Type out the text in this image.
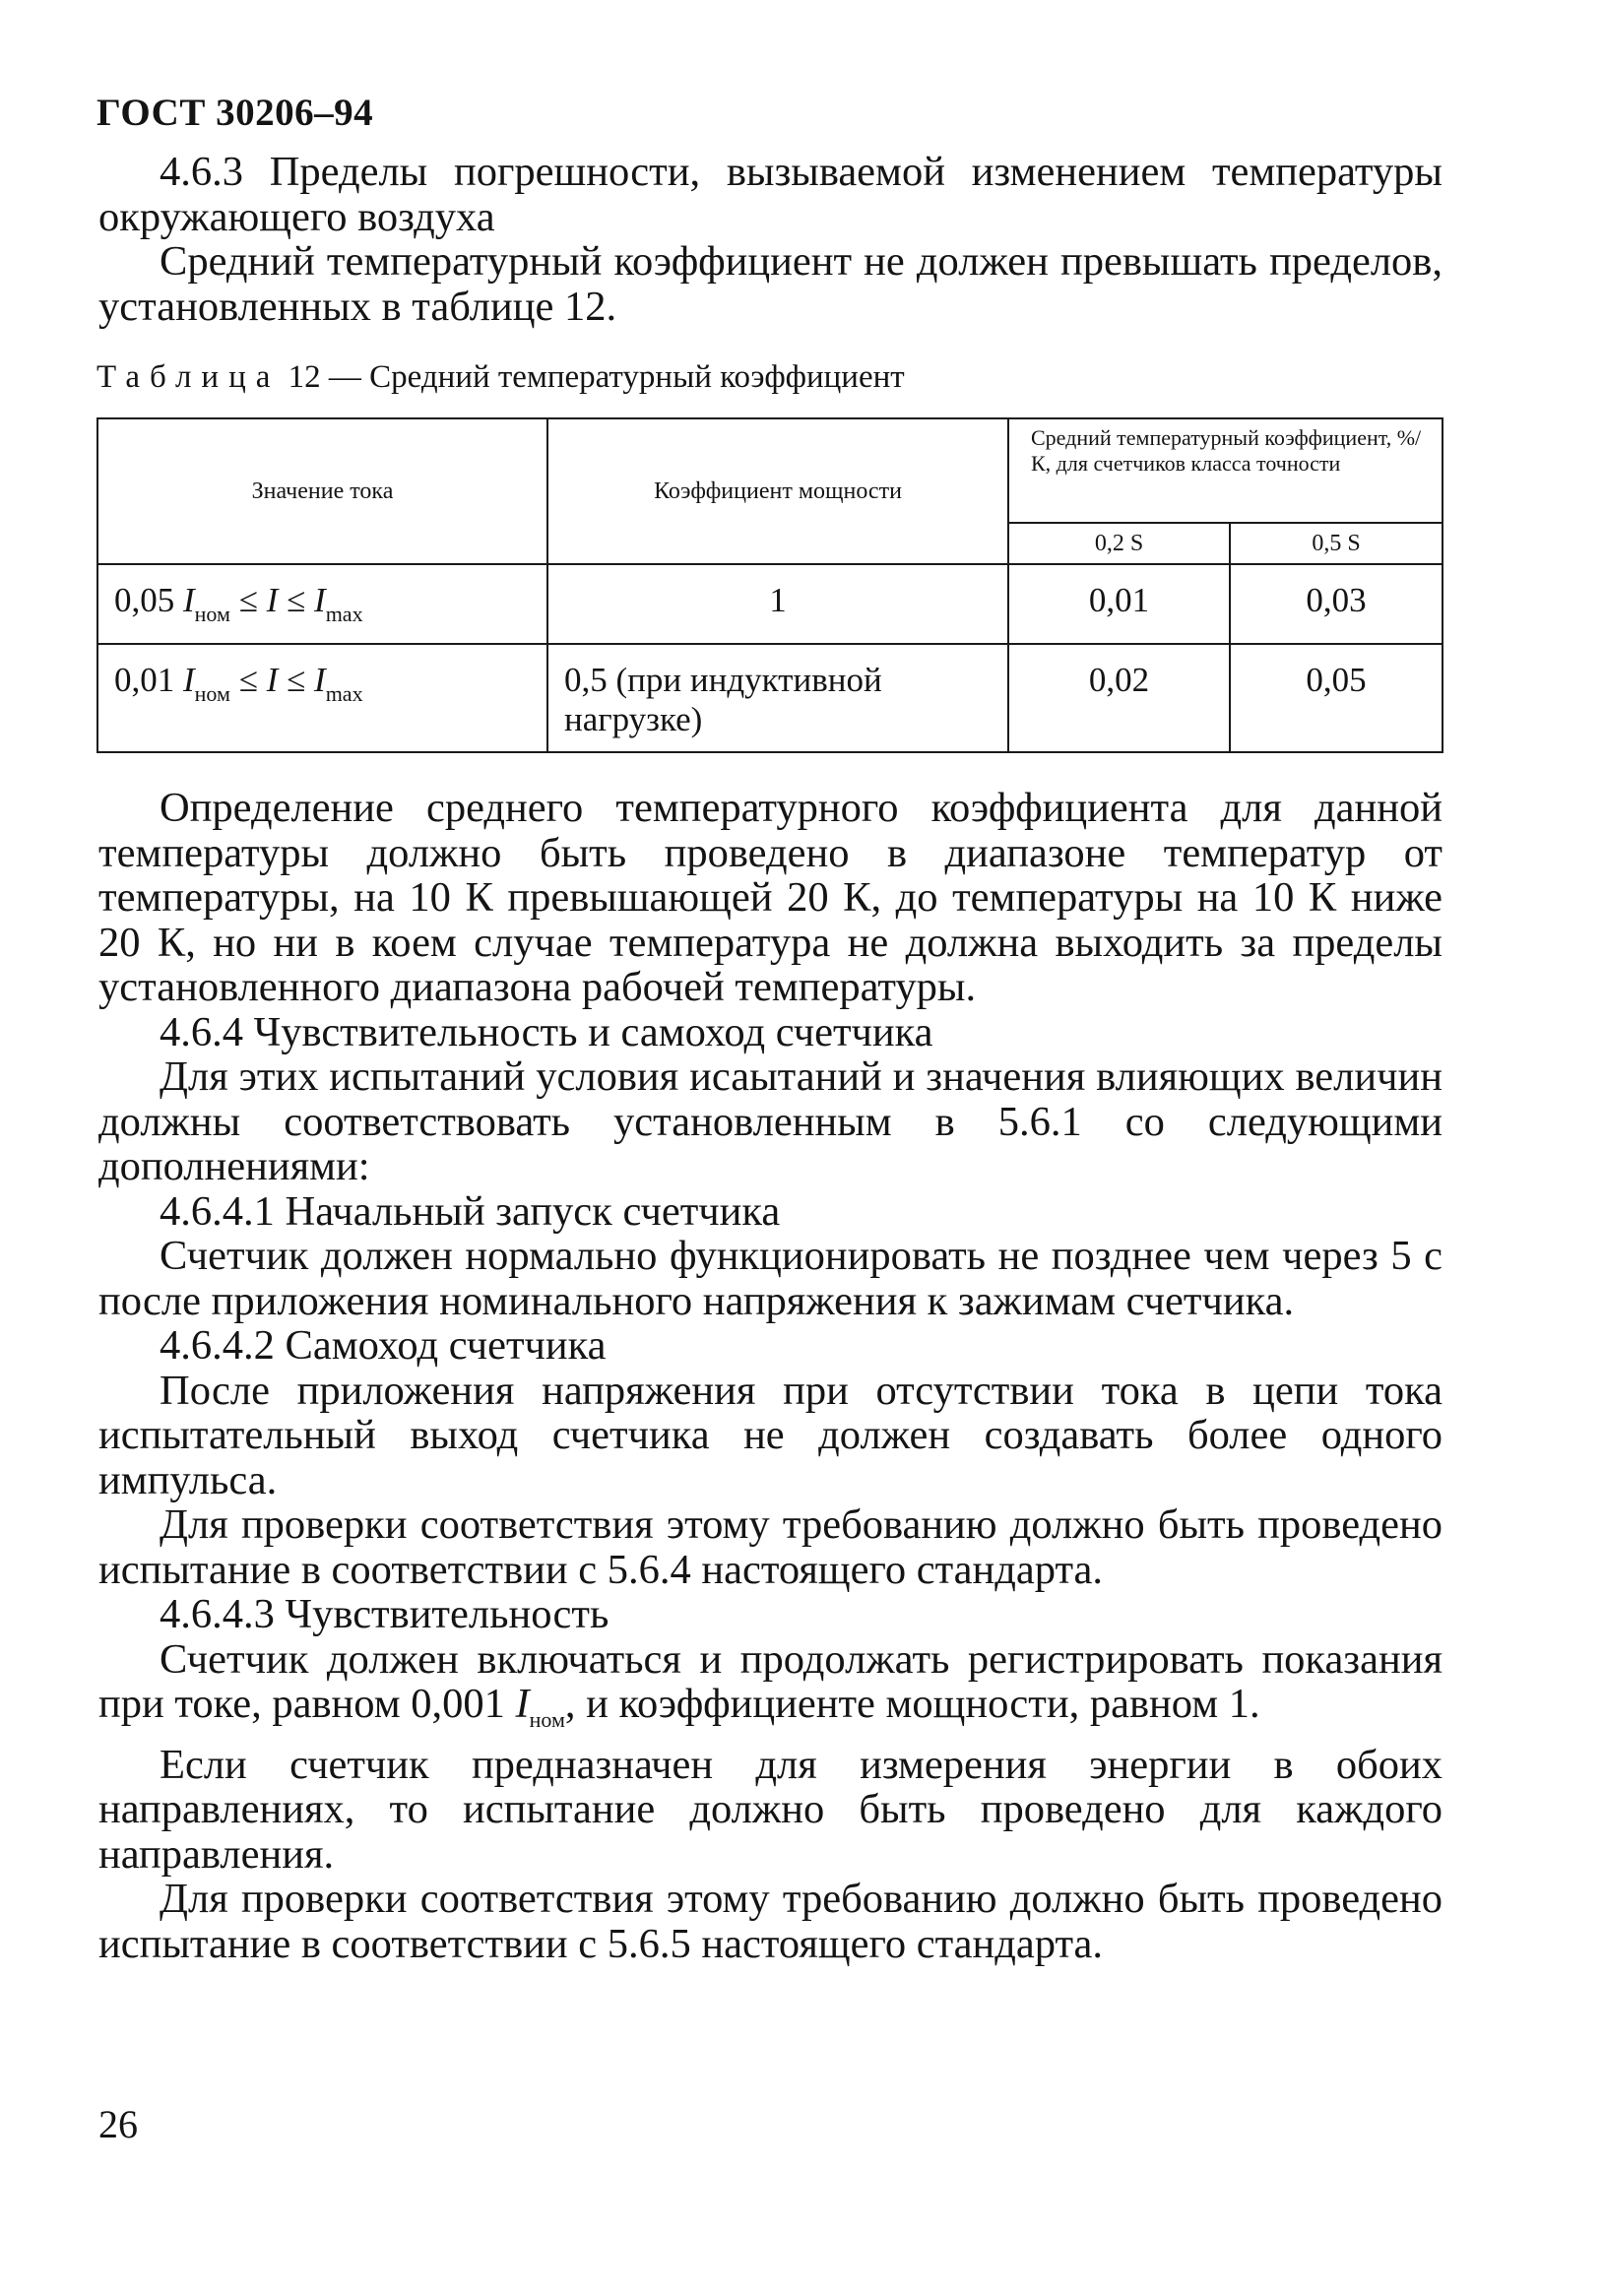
ГОСТ 30206–94

4.6.3 Пределы погрешности, вызываемой изменением температуры окружающего воздуха

Средний температурный коэффициент не должен превышать пределов, установленных в таблице 12.

Таблица 12 — Средний температурный коэффициент
Значение тока	Коэффициент мощности	Средний температурный коэффициент, %/К, для счетчиков класса точности	
		0,2 S	0,5 S
0,05 $I_{ном} \le I \le I_{max}$	1	0,01	0,03
0,01 $I_{ном} \le I \le I_{max}$	0,5 (при индуктивной нагрузке)	0,02	0,05

Определение среднего температурного коэффициента для данной температуры должно быть проведено в диапазоне температур от температуры, на 10 К превышающей 20 К, до температуры на 10 К ниже 20 К, но ни в коем случае температура не должна выходить за пределы установленного диапазона рабочей температуры.

4.6.4 Чувствительность и самоход счетчика

Для этих испытаний условия исаытаний и значения влияющих величин должны соответствовать установленным в 5.6.1 со следующими дополнениями:

4.6.4.1 Начальный запуск счетчика

Счетчик должен нормально функционировать не позднее чем через 5 с после приложения номинального напряжения к зажимам счетчика.

4.6.4.2 Самоход счетчика

После приложения напряжения при отсутствии тока в цепи тока испытательный выход счетчика не должен создавать более одного импульса.

Для проверки соответствия этому требованию должно быть проведено испытание в соответствии с 5.6.4 настоящего стандарта.

4.6.4.3 Чувствительность

Счетчик должен включаться и продолжать регистрировать показания при токе, равном 0,001 $I_{ном}$, и коэффициенте мощности, равном 1.

Если счетчик предназначен для измерения энергии в обоих направлениях, то испытание должно быть проведено для каждого направления.

Для проверки соответствия этому требованию должно быть проведено испытание в соответствии с 5.6.5 настоящего стандарта.

26
